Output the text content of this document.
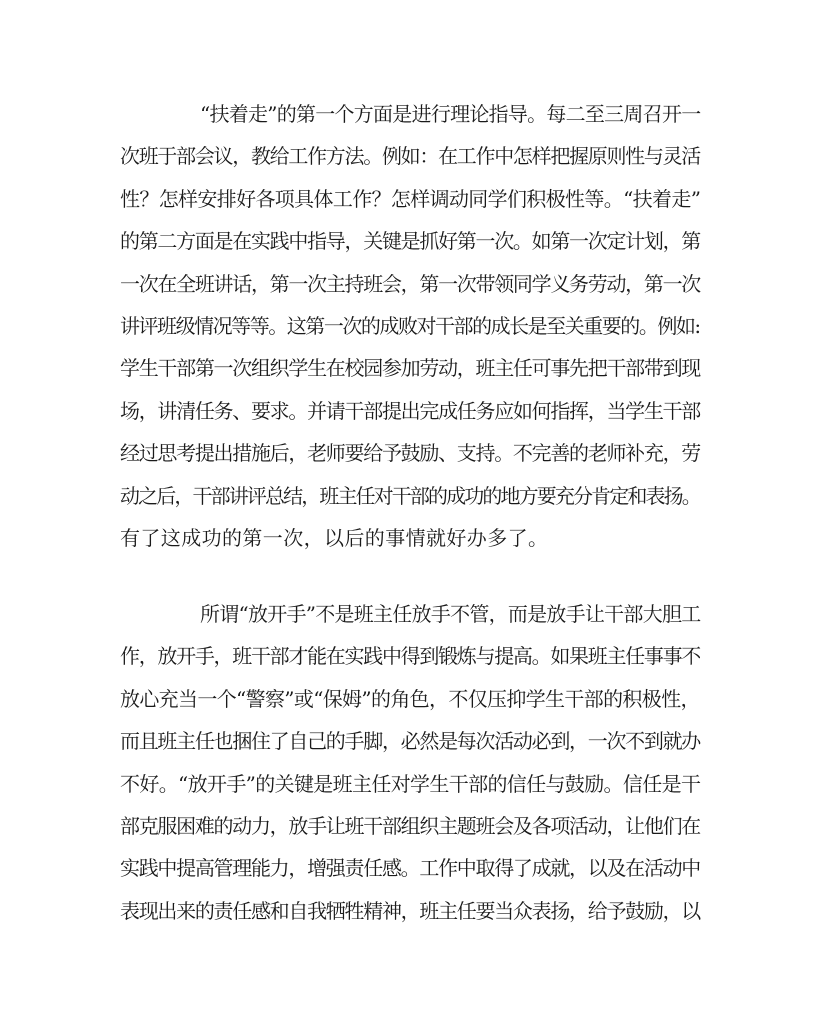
“扶着走”的第一个方面是进行理论指导。每二至三周召开一
次班于部会议，教给工作方法。例如：在工作中怎样把握原则性与灵活
性？怎样安排好各项具体工作？怎样调动同学们积极性等。“扶着走”
的第二方面是在实践中指导，关键是抓好第一次。如第一次定计划，第
一次在全班讲话，第一次主持班会，第一次带领同学义务劳动，第一次
讲评班级情况等等。这第一次的成败对干部的成长是至关重要的。例如:
学生干部第一次组织学生在校园参加劳动，班主任可事先把干部带到现
场，讲清任务、要求。并请干部提出完成任务应如何指挥，当学生干部
经过思考提出措施后，老师要给予鼓励、支持。不完善的老师补充，劳
动之后，干部讲评总结，班主任对干部的成功的地方要充分肯定和表扬。
有了这成功的第一次，以后的事情就好办多了。
所谓“放开手”不是班主任放手不管，而是放手让干部大胆工
作，放开手，班干部才能在实践中得到锻炼与提高。如果班主任事事不
放心充当一个“警察”或“保姆”的角色，不仅压抑学生干部的积极性，
而且班主任也捆住了自己的手脚，必然是每次活动必到，一次不到就办
不好。“放开手”的关键是班主任对学生干部的信任与鼓励。信任是干
部克服困难的动力，放手让班干部组织主题班会及各项活动，让他们在
实践中提高管理能力，增强责任感。工作中取得了成就，以及在活动中
表现出来的责任感和自我牺牲精神，班主任要当众表扬，给予鼓励，以
